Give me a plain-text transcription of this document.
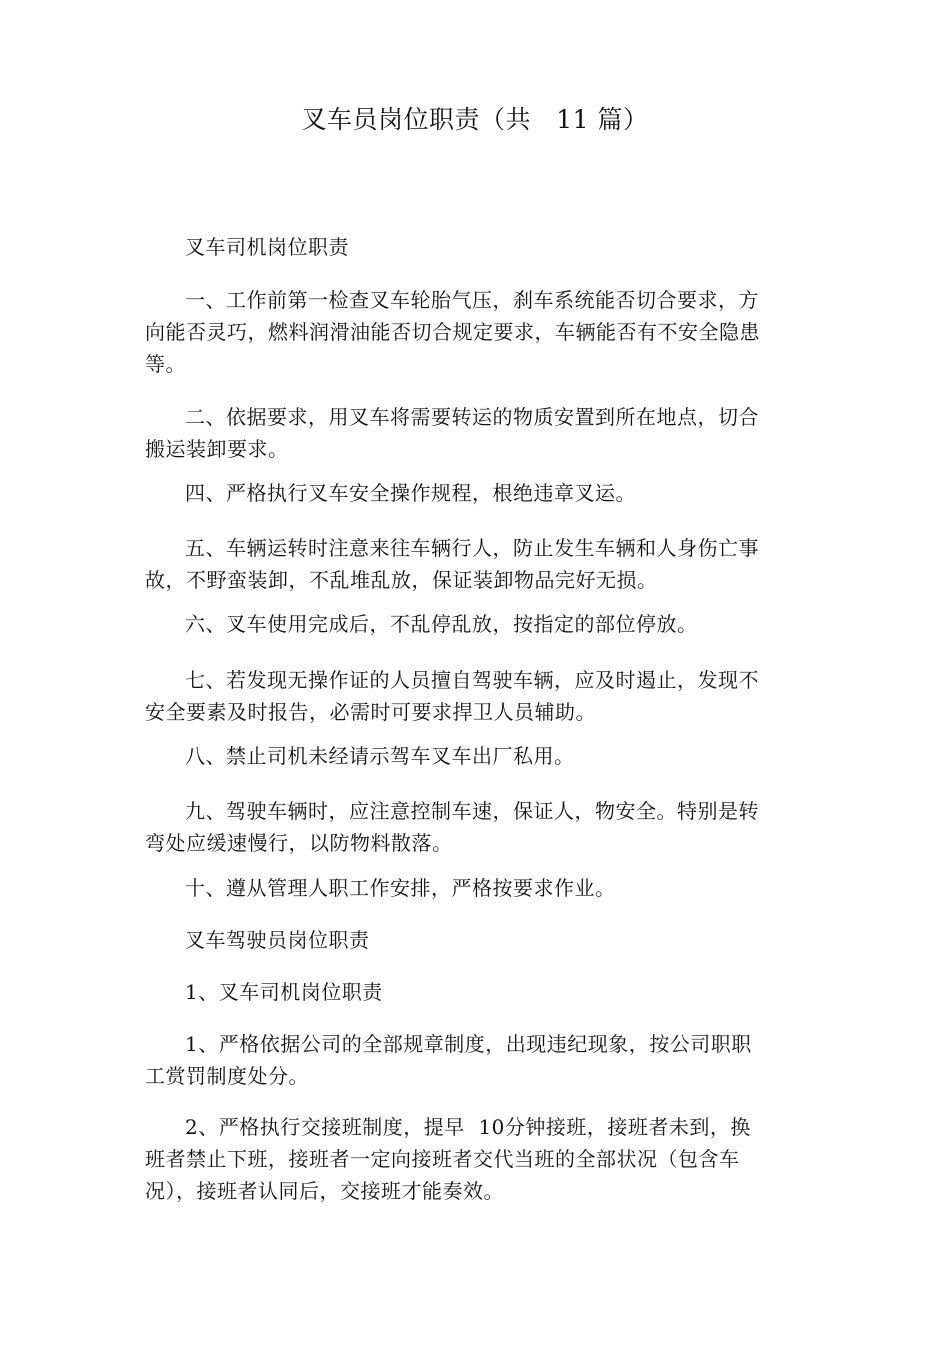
叉车员岗位职责（共   11 篇）

叉车司机岗位职责

一、工作前第一检查叉车轮胎气压，刹车系统能否切合要求，方向能否灵巧，燃料润滑油能否切合规定要求，车辆能否有不安全隐患等。

二、依据要求，用叉车将需要转运的物质安置到所在地点，切合搬运装卸要求。

四、严格执行叉车安全操作规程，根绝违章叉运。

五、车辆运转时注意来往车辆行人，防止发生车辆和人身伤亡事故，不野蛮装卸，不乱堆乱放，保证装卸物品完好无损。

六、叉车使用完成后，不乱停乱放，按指定的部位停放。

七、若发现无操作证的人员擅自驾驶车辆，应及时遏止，发现不安全要素及时报告，必需时可要求捍卫人员辅助。

八、禁止司机未经请示驾车叉车出厂私用。

九、驾驶车辆时，应注意控制车速，保证人，物安全。特别是转弯处应缓速慢行，以防物料散落。

十、遵从管理人职工作安排，严格按要求作业。

叉车驾驶员岗位职责

1、叉车司机岗位职责

1、严格依据公司的全部规章制度，出现违纪现象，按公司职职工赏罚制度处分。

2、严格执行交接班制度，提早  10分钟接班，接班者未到，换班者禁止下班，接班者一定向接班者交代当班的全部状况（包含车况），接班者认同后，交接班才能奏效。
